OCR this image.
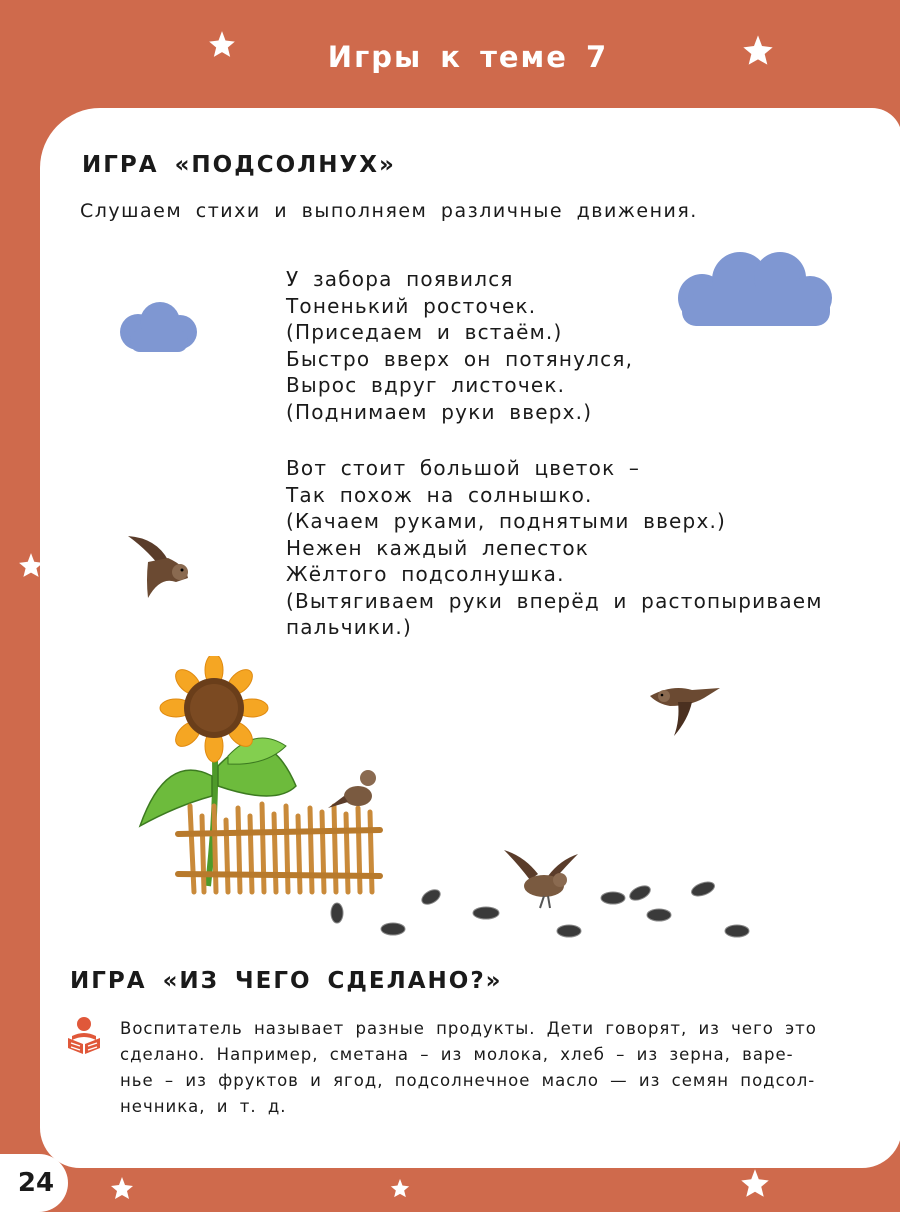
Игры к теме 7
ИГРА «ПОДСОЛНУХ»
Слушаем стихи и выполняем различные движения.
У забора появился
Тоненький росточек.
(Приседаем и встаём.)
Быстро вверх он потянулся,
Вырос вдруг листочек.
(Поднимаем руки вверх.)
Вот стоит большой цветок –
Так похож на солнышко.
(Качаем руками, поднятыми вверх.)
Нежен каждый лепесток
Жёлтого подсолнушка.
(Вытягиваем руки вперёд и растопыриваем
пальчики.)
ИГРА «ИЗ ЧЕГО СДЕЛАНО?»
Воспитатель называет разные продукты. Дети говорят, из чего это
сделано. Например, сметана – из молока, хлеб – из зерна, варе-
нье – из фруктов и ягод, подсолнечное масло — из семян подсол-
нечника, и т. д.
24
